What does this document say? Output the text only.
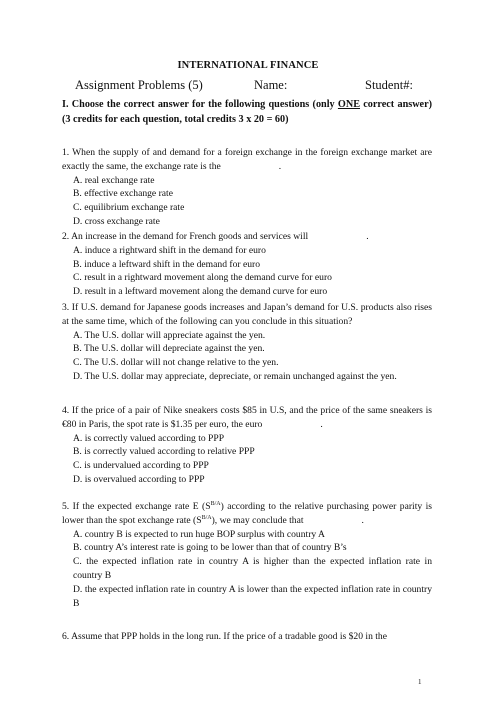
INTERNATIONAL FINANCE
Assignment Problems (5)	Name:	Student#:
I. Choose the correct answer for the following questions (only ONE correct answer) (3 credits for each question, total credits 3 x 20 = 60)
1. When the supply of and demand for a foreign exchange in the foreign exchange market are exactly the same, the exchange rate is the	.
A. real exchange rate
B. effective exchange rate
C. equilibrium exchange rate
D. cross exchange rate
2. An increase in the demand for French goods and services will	.
A. induce a rightward shift in the demand for euro
B. induce a leftward shift in the demand for euro
C. result in a rightward movement along the demand curve for euro
D. result in a leftward movement along the demand curve for euro
3. If U.S. demand for Japanese goods increases and Japan’s demand for U.S. products also rises at the same time, which of the following can you conclude in this situation?
A. The U.S. dollar will appreciate against the yen.
B. The U.S. dollar will depreciate against the yen.
C. The U.S. dollar will not change relative to the yen.
D. The U.S. dollar may appreciate, depreciate, or remain unchanged against the yen.
4. If the price of a pair of Nike sneakers costs $85 in U.S, and the price of the same sneakers is €80 in Paris, the spot rate is $1.35 per euro, the euro	.
A. is correctly valued according to PPP
B. is correctly valued according to relative PPP
C. is undervalued according to PPP
D. is overvalued according to PPP
5. If the expected exchange rate E $(S^{B/A})$ according to the relative purchasing power parity is lower than the spot exchange rate $(S^{B/A})$, we may conclude that	.
A. country B is expected to run huge BOP surplus with country A
B. country A’s interest rate is going to be lower than that of country B’s
C. the expected inflation rate in country A is higher than the expected inflation rate in country B
D. the expected inflation rate in country A is lower than the expected inflation rate in country B
6. Assume that PPP holds in the long run. If the price of a tradable good is $20 in the
1
